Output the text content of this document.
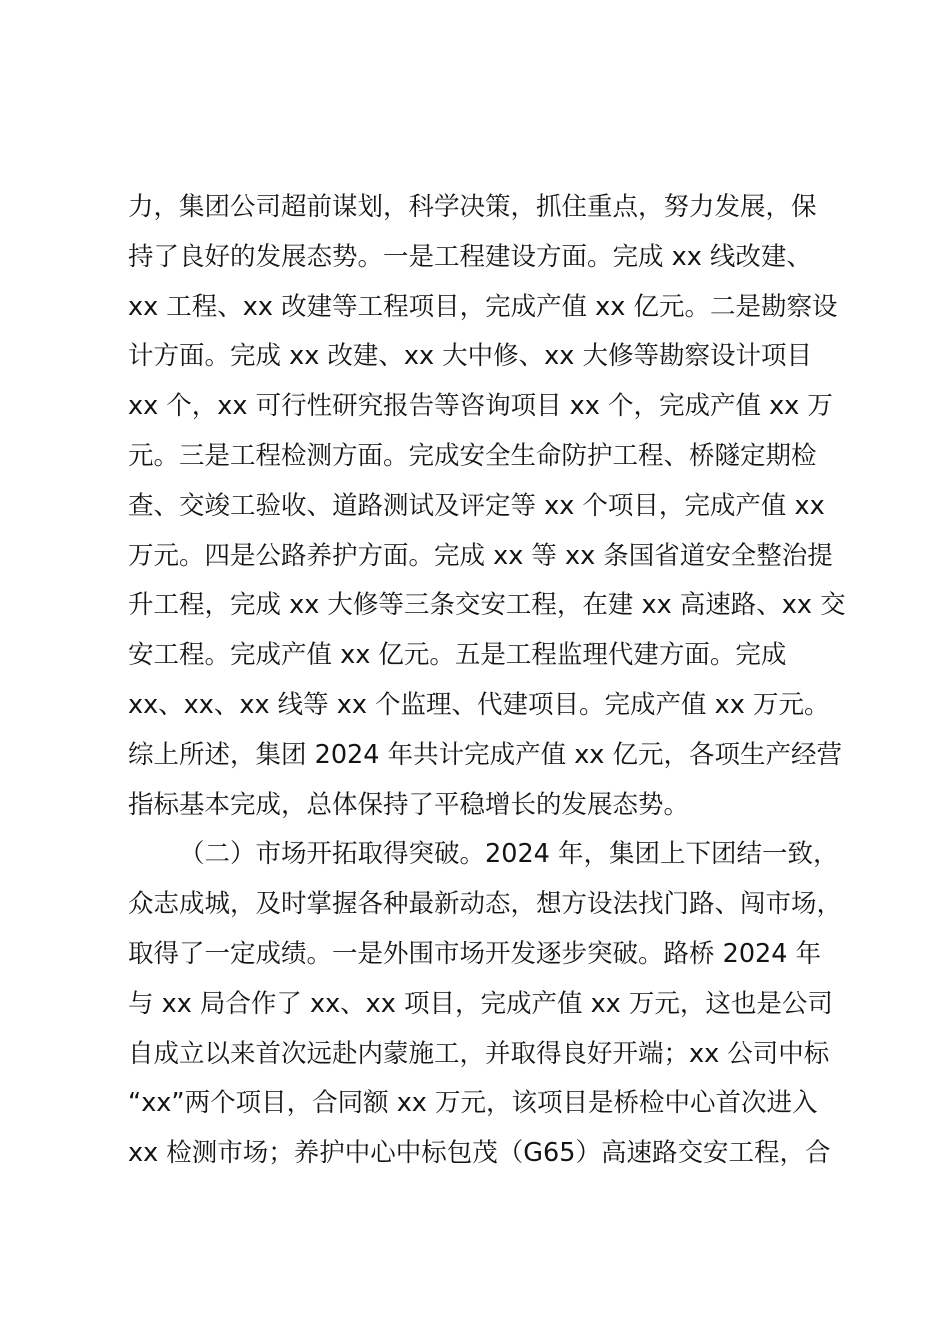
力，集团公司超前谋划，科学决策，抓住重点，努力发展，保
持了良好的发展态势。一是工程建设方面。完成 xx 线改建、
xx 工程、xx 改建等工程项目，完成产值 xx 亿元。二是勘察设
计方面。完成 xx 改建、xx 大中修、xx 大修等勘察设计项目
xx 个，xx 可行性研究报告等咨询项目 xx 个，完成产值 xx 万
元。三是工程检测方面。完成安全生命防护工程、桥隧定期检
查、交竣工验收、道路测试及评定等 xx 个项目，完成产值 xx
万元。四是公路养护方面。完成 xx 等 xx 条国省道安全整治提
升工程，完成 xx 大修等三条交安工程，在建 xx 高速路、xx 交
安工程。完成产值 xx 亿元。五是工程监理代建方面。完成
xx、xx、xx 线等 xx 个监理、代建项目。完成产值 xx 万元。
综上所述，集团 2024 年共计完成产值 xx 亿元，各项生产经营
指标基本完成，总体保持了平稳增长的发展态势。
（二）市场开拓取得突破。2024 年，集团上下团结一致，
众志成城，及时掌握各种最新动态，想方设法找门路、闯市场，
取得了一定成绩。一是外围市场开发逐步突破。路桥 2024 年
与 xx 局合作了 xx、xx 项目，完成产值 xx 万元，这也是公司
自成立以来首次远赴内蒙施工，并取得良好开端；xx 公司中标
“xx”两个项目，合同额 xx 万元，该项目是桥检中心首次进入
xx 检测市场；养护中心中标包茂（G65）高速路交安工程，合
